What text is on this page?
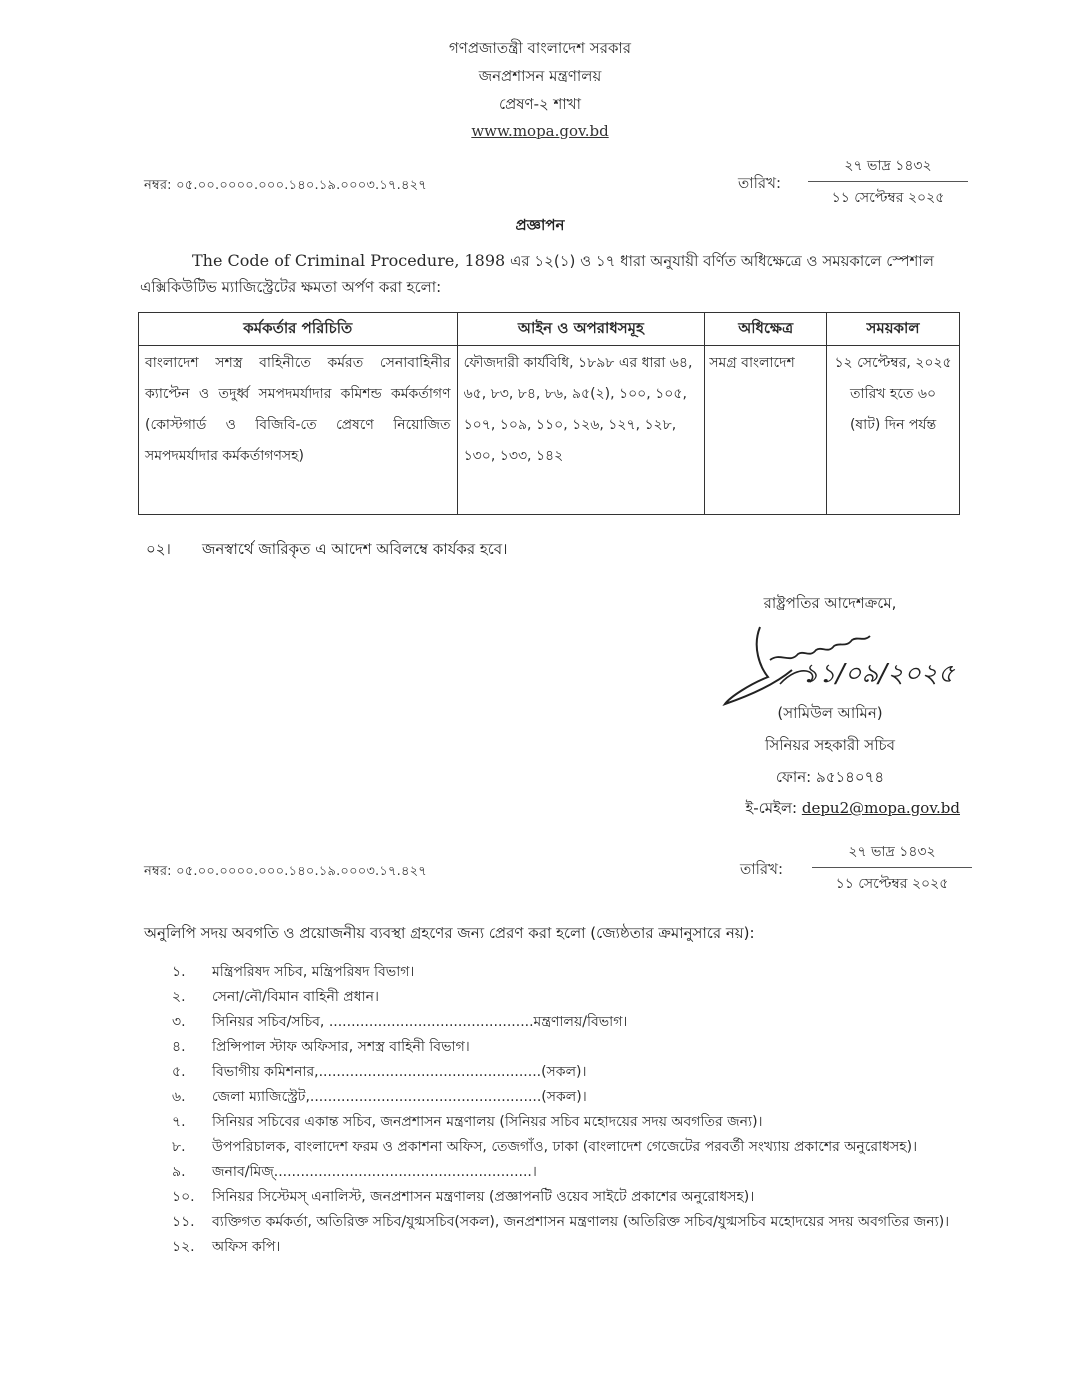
গণপ্রজাতন্ত্রী বাংলাদেশ সরকার
জনপ্রশাসন মন্ত্রণালয়
প্রেষণ-২ শাখা
www.mopa.gov.bd
নম্বর: ০৫.০০.০০০০.০০০.১৪০.১৯.০০০৩.১৭.৪২৭	তারিখ:
২৭ ভাদ্র ১৪৩২
১১ সেপ্টেম্বর ২০২৫
প্রজ্ঞাপন
The Code of Criminal Procedure, 1898 এর ১২(১) ও ১৭ ধারা অনুযায়ী বর্ণিত অধিক্ষেত্রে ও সময়কালে স্পেশাল এক্সিকিউটিভ ম্যাজিস্ট্রেটের ক্ষমতা অর্পণ করা হলো:
কর্মকর্তার পরিচিতি	আইন ও অপরাধসমূহ	অধিক্ষেত্র	সময়কাল
বাংলাদেশ সশস্ত্র বাহিনীতে কর্মরত সেনাবাহিনীর ক্যাপ্টেন ও তদুর্ধ্ব সমপদমর্যাদার কমিশন্ড কর্মকর্তাগণ (কোস্টগার্ড ও বিজিবি-তে প্রেষণে নিয়োজিত সমপদমর্যাদার কর্মকর্তাগণসহ)	ফৌজদারী কার্যবিধি, ১৮৯৮ এর ধারা ৬৪, ৬৫, ৮৩, ৮৪, ৮৬, ৯৫(২), ১০০, ১০৫, ১০৭, ১০৯, ১১০, ১২৬, ১২৭, ১২৮, ১৩০, ১৩৩, ১৪২	সমগ্র বাংলাদেশ	১২ সেপ্টেম্বর, ২০২৫ তারিখ হতে ৬০ (ষাট) দিন পর্যন্ত
০২।	জনস্বার্থে জারিকৃত এ আদেশ অবিলম্বে কার্যকর হবে।
রাষ্ট্রপতির আদেশক্রমে,
১১/০৯/২০২৫
(সামিউল আমিন)
সিনিয়র সহকারী সচিব
ফোন: ৯৫১৪০৭৪
ই-মেইল: depu2@mopa.gov.bd
নম্বর: ০৫.০০.০০০০.০০০.১৪০.১৯.০০০৩.১৭.৪২৭	তারিখ:
২৭ ভাদ্র ১৪৩২
১১ সেপ্টেম্বর ২০২৫
অনুলিপি সদয় অবগতি ও প্রয়োজনীয় ব্যবস্থা গ্রহণের জন্য প্রেরণ করা হলো (জ্যেষ্ঠতার ক্রমানুসারে নয়):
১.	মন্ত্রিপরিষদ সচিব, মন্ত্রিপরিষদ বিভাগ।
২.	সেনা/নৌ/বিমান বাহিনী প্রধান।
৩.	সিনিয়র সচিব/সচিব, ..............................................মন্ত্রণালয়/বিভাগ।
৪.	প্রিন্সিপাল স্টাফ অফিসার, সশস্ত্র বাহিনী বিভাগ।
৫.	বিভাগীয় কমিশনার,..................................................(সকল)।
৬.	জেলা ম্যাজিস্ট্রেট,....................................................(সকল)।
৭.	সিনিয়র সচিবের একান্ত সচিব, জনপ্রশাসন মন্ত্রণালয় (সিনিয়র সচিব মহোদয়ের সদয় অবগতির জন্য)।
৮.	উপপরিচালক, বাংলাদেশ ফরম ও প্রকাশনা অফিস, তেজগাঁও, ঢাকা (বাংলাদেশ গেজেটের পরবর্তী সংখ্যায় প্রকাশের অনুরোধসহ)।
৯.	জনাব/মিজ্‌..........................................................।
১০.	সিনিয়র সিস্টেমস্ এনালিস্ট, জনপ্রশাসন মন্ত্রণালয় (প্রজ্ঞাপনটি ওয়েব সাইটে প্রকাশের অনুরোধসহ)।
১১.	ব্যক্তিগত কর্মকর্তা, অতিরিক্ত সচিব/যুগ্মসচিব(সকল), জনপ্রশাসন মন্ত্রণালয় (অতিরিক্ত সচিব/যুগ্মসচিব মহোদয়ের সদয় অবগতির জন্য)।
১২.	অফিস কপি।
